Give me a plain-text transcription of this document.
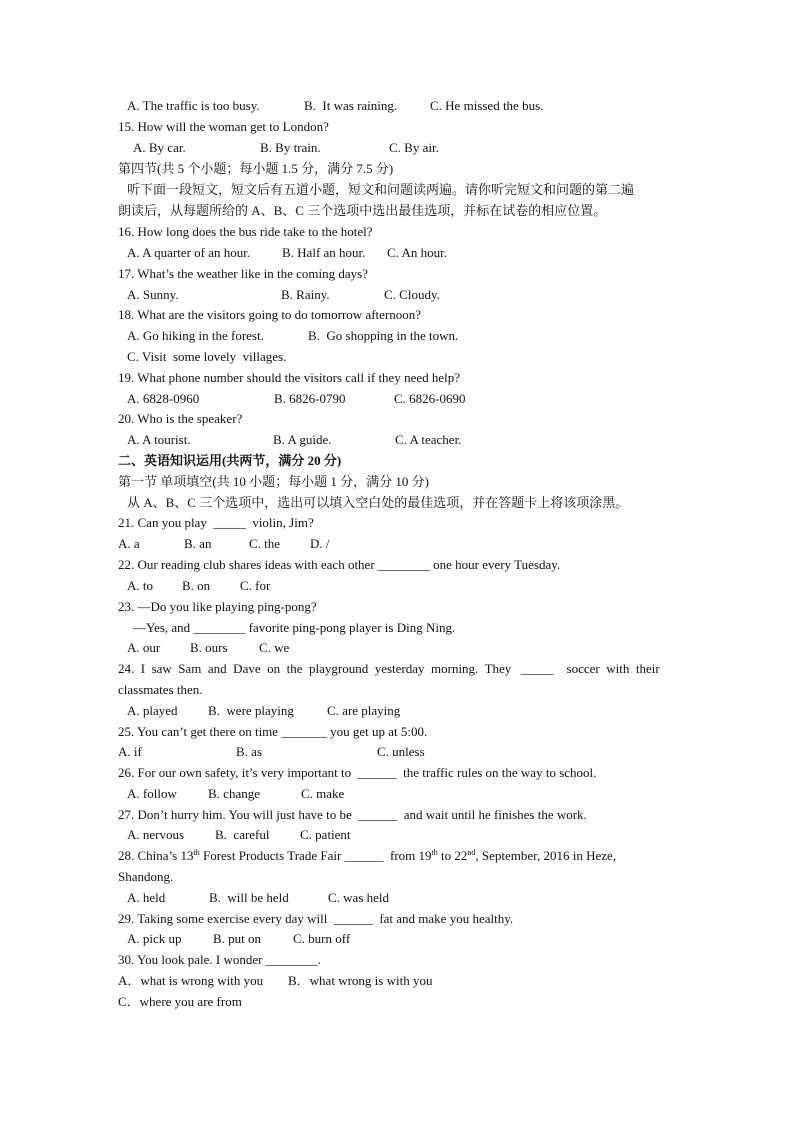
A. The traffic is too busy.	B.  It was raining.	C. He missed the bus.
15. How will the woman get to London?
A. By car.	B. By train.	C. By air.
第四节(共 5 个小题；每小题 1.5 分，满分 7.5 分)
听下面一段短文，短文后有五道小题，短文和问题读两遍。请你听完短文和问题的第二遍
朗读后，从每题所给的 A、B、C 三个选项中选出最佳选项，并标在试卷的相应位置。
16. How long does the bus ride take to the hotel?
A. A quarter of an hour. B. Half an hour. C. An hour.
17. What’s the weather like in the coming days?
A. Sunny.	B. Rainy.	C. Cloudy.
18. What are the visitors going to do tomorrow afternoon?
A. Go hiking in the forest.	B.  Go shopping in the town.
C. Visit  some lovely  villages.
19. What phone number should the visitors call if they need help?
A. 6828-0960	B. 6826-0790	C. 6826-0690
20. Who is the speaker?
A. A tourist.	B. A guide.	C. A teacher.
二、英语知识运用(共两节，满分 20 分)
第一节 单项填空(共 10 小题；每小题 1 分，满分 10 分)
从 A、B、C 三个选项中，选出可以填入空白处的最佳选项，并在答题卡上将该项涂黑。
21. Can you play  _____  violin, Jim?
A. a	B. an	C. the D. /
22. Our reading club shares ideas with each other ________ one hour every Tuesday.
A. to B. on C. for
23. —Do you like playing ping-pong?
—Yes, and ________ favorite ping-pong player is Ding Ning.
A. our B. ours C. we
24.  I  saw  Sam  and  Dave  on  the  playground  yesterday  morning.  They   _____    soccer  with  their
classmates then.
A. played B.  were playing	C. are playing
25. You can’t get there on time _______ you get up at 5:00.
A. if	B. as	C. unless
26. For our own safety, it’s very important to  ______  the traffic rules on the way to school.
A. follow B. change	C. make
27. Don’t hurry him. You will just have to be  ______  and wait until he finishes the work.
A. nervous B.  careful C. patient
28. China’s 13th Forest Products Trade Fair ______  from 19th to 22nd, September, 2016 in Heze,
Shandong.
A. held	B.  will be held	C. was held
29. Taking some exercise every day will  ______  fat and make you healthy.
A. pick up B. put on C. burn off
30. You look pale. I wonder ________.
A．what is wrong with you B．what wrong is with you
C．where you are from
